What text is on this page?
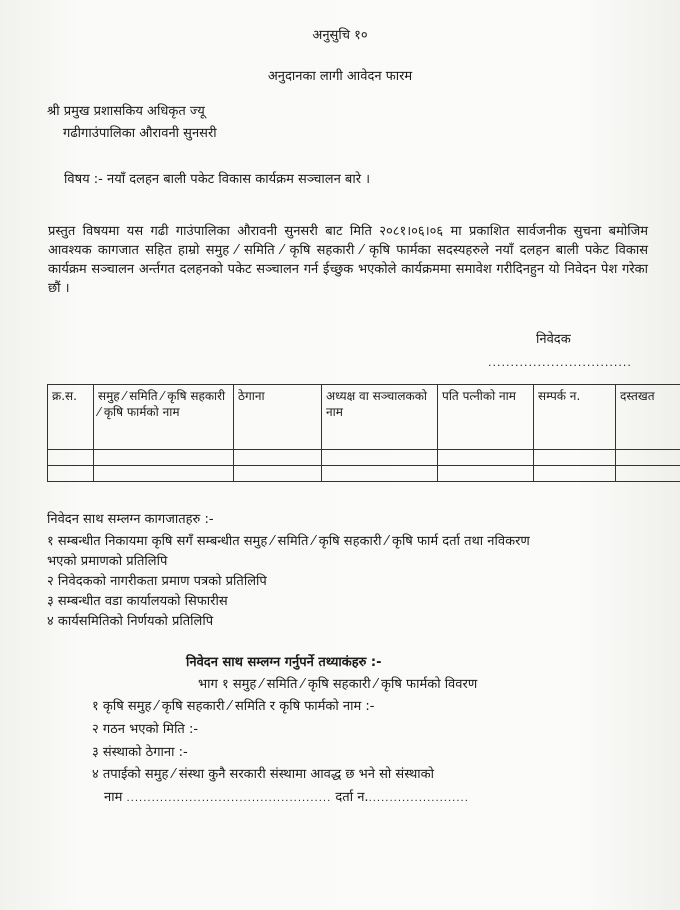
अनुसुचि १०
अनुदानका लागी आवेदन फारम
श्री प्रमुख प्रशासकिय अधिकृत ज्यू
गढीगाउंपालिका औरावनी सुनसरी
विषय :- नयाँ दलहन बाली पकेट विकास कार्यक्रम सञ्चालन बारे ।
प्रस्तुत विषयमा यस गढी गाउंपालिका औरावनी सुनसरी बाट मिति २०८१।०६।०६ मा प्रकाशित सार्वजनीक सुचना बमोजिम आवश्यक कागजात सहित हाम्रो समुह ⁄ समिति ⁄ कृषि सहकारी ⁄ कृषि फार्मका सदस्यहरुले नयाँ दलहन बाली पकेट विकास कार्यक्रम सञ्चालन अर्न्तगत दलहनको पकेट सञ्चालन गर्न ईच्छुक भएकोले कार्यक्रममा समावेश गरीदिनहुन यो निवेदन पेश गरेका छौं ।
निवेदक
................................
क्र.स.	समुह ⁄ समिति ⁄ कृषि सहकारी ⁄ कृषि फार्मको नाम	ठेगाना	अध्यक्ष वा सञ्चालकको नाम	पति पत्नीको नाम	सम्पर्क न.	दस्तखत

निवेदन साथ सम्लग्न कागजातहरु :-
१ सम्बन्धीत निकायमा कृषि सगँ सम्बन्धीत समुह ⁄ समिति ⁄ कृषि सहकारी ⁄ कृषि फार्म दर्ता तथा नविकरण
भएको प्रमाणको प्रतिलिपि
२ निवेदकको नागरीकता प्रमाण पत्रको प्रतिलिपि
३ सम्बन्धीत वडा कार्यालयको सिफारीस
४ कार्यसमितिको निर्णयको प्रतिलिपि
निवेदन साथ सम्लग्न गर्नुपर्ने तथ्याकंहरु :-
भाग १ समुह ⁄ समिति ⁄ कृषि सहकारी ⁄ कृषि फार्मको विवरण
१ कृषि समुह ⁄ कृषि सहकारी ⁄ समिति र कृषि फार्मको नाम :-
२ गठन भएको मिति :-
३ संस्थाको ठेगाना :-
४ तपाईको समुह ⁄ संस्था कुनै सरकारी संस्थामा आवद्ध छ भने सो संस्थाको
नाम ................................................. दर्ता न.........................
